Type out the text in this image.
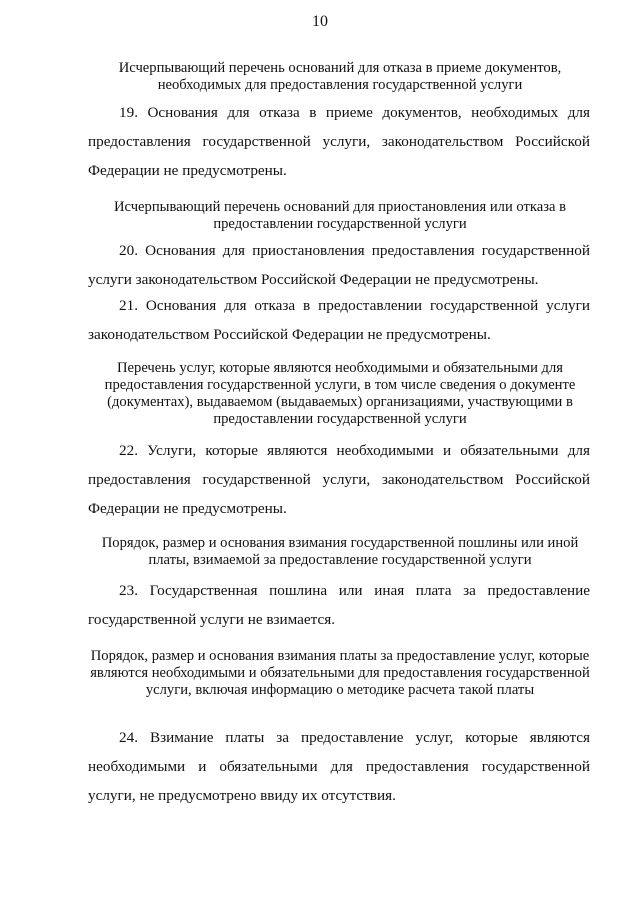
10
Исчерпывающий перечень оснований для отказа в приеме документов, необходимых для предоставления государственной услуги
19. Основания для отказа в приеме документов, необходимых для предоставления государственной услуги, законодательством Российской Федерации не предусмотрены.
Исчерпывающий перечень оснований для приостановления или отказа в предоставлении государственной услуги
20. Основания для приостановления предоставления государственной услуги законодательством Российской Федерации не предусмотрены.
21. Основания для отказа в предоставлении государственной услуги законодательством Российской Федерации не предусмотрены.
Перечень услуг, которые являются необходимыми и обязательными для предоставления государственной услуги, в том числе сведения о документе (документах), выдаваемом (выдаваемых) организациями, участвующими в предоставлении государственной услуги
22. Услуги, которые являются необходимыми и обязательными для предоставления государственной услуги, законодательством Российской Федерации не предусмотрены.
Порядок, размер и основания взимания государственной пошлины или иной платы, взимаемой за предоставление государственной услуги
23. Государственная пошлина или иная плата за предоставление государственной услуги не взимается.
Порядок, размер и основания взимания платы за предоставление услуг, которые являются необходимыми и обязательными для предоставления государственной услуги, включая информацию о методике расчета такой платы
24. Взимание платы за предоставление услуг, которые являются необходимыми и обязательными для предоставления государственной услуги, не предусмотрено ввиду их отсутствия.
